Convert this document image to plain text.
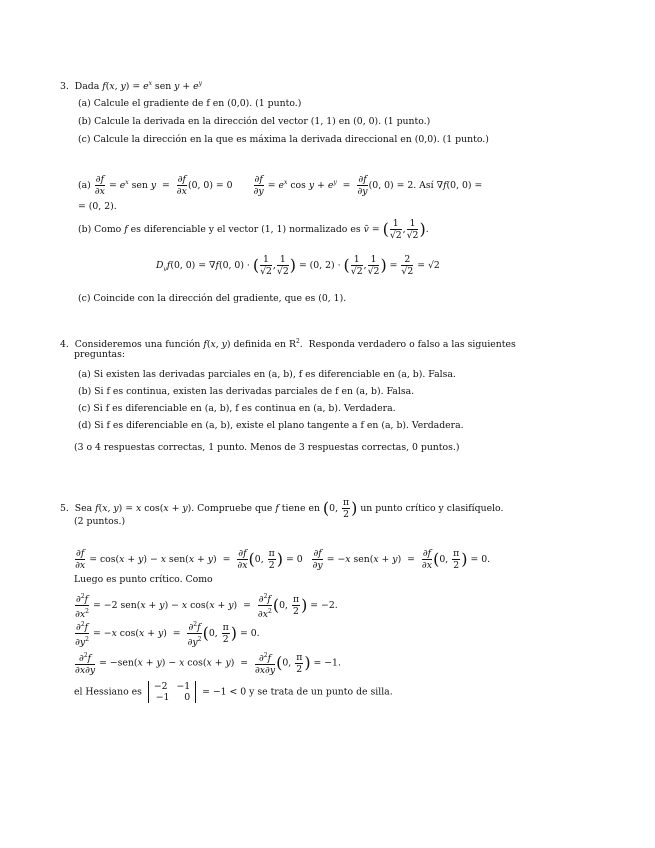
3.  Dada f(x, $y) = e^x$ sen $y + e^y$
(a) Calcule el gradiente de f en (0,0). (1 punto.)
(b) Calcule la derivada en la dirección del vector (1, 1) en (0, 0). (1 punto.)
(c) Calcule la dirección en la que es máxima la derivada direccional en (0,0). (1 punto.)
$(a) \frac{\partial f}{\partial x} = e^x$ sen $y = \frac{\partial f}{\partial x} (0$, $0) = 0 \frac{\partial f}{\partial y} = e^x$ $\cos y + e^y = \frac{\partial f}{\partial y} (0$, 0) = 2. Así ∇f(0, 0) =
= (0, 2).
(b) Como f es diferenciable y el vector (1, 1) normalizado es v̄ = ( $\frac{1}{√2}$ , $\frac{1}{√2}$ ).
$D_vf(0$, 0) = ∇f(0, 0) · ( $\frac{1}{√2}$ , $\frac{1}{√2}$ ) = (0, 2) · ( $\frac{1}{√2}$ , $\frac{1}{√2}$ ) = $\frac{2}{√2} = √2$
(c) Coincide con la dirección del gradiente, que es (0, 1).
4.  Consideremos una función f(x, y) definida en $R^2$.  Responda verdadero o falso a las siguientes
preguntas:
(a) Si existen las derivadas parciales en (a, b), f es diferenciable en (a, b). Falsa.
(b) Si f es continua, existen las derivadas parciales de f en (a, b). Falsa.
(c) Si f es diferenciable en (a, b), f es continua en (a, b). Verdadera.
(d) Si f es diferenciable en (a, b), existe el plano tangente a f en (a, b). Verdadera.
(3 o 4 respuestas correctas, 1 punto. Menos de 3 respuestas correctas, 0 puntos.)
5.  Sea f(x, y) = x cos(x + y). Compruebe que f tiene en (0, $\frac{\pi}{2}$ ) un punto crítico y clasifíquelo.
(2 puntos.)
$\frac{\partial f}{\partial x} = \cos(x + y) - x$ $sen(x + y) = \frac{\partial f}{\partial x} (0$, $\frac{\pi}{2}$ ) = $0 \frac{\partial f}{\partial y} = -x$ $sen(x + y) = \frac{\partial f}{\partial x} (0$, $\frac{\pi}{2}$ ) = 0.
Luego es punto crítico. Como
$\frac{\partial^2f}{\partial x^2} = -2$ sen(x + y) − x $\cos(x + y) = \frac{\partial^2f}{\partial x^2} (0$, $\frac{\pi}{2}$ ) = −2.
$\frac{\partial^2f}{\partial y^2} = -x$ $\cos(x + y) = \frac{\partial^2f}{\partial y^2} (0$, $\frac{\pi}{2}$ ) = 0.
$\frac{\partial^2f}{\partial x\partial y} = -sen(x + y) - x$ $\cos(x + y) = \frac{\partial^2f}{\partial x\partial y} (0$, $\frac{\pi}{2}$ ) = −1.
el Hessiano es −2   −1
−1     0 = −1 < 0 y se trata de un punto de silla.
